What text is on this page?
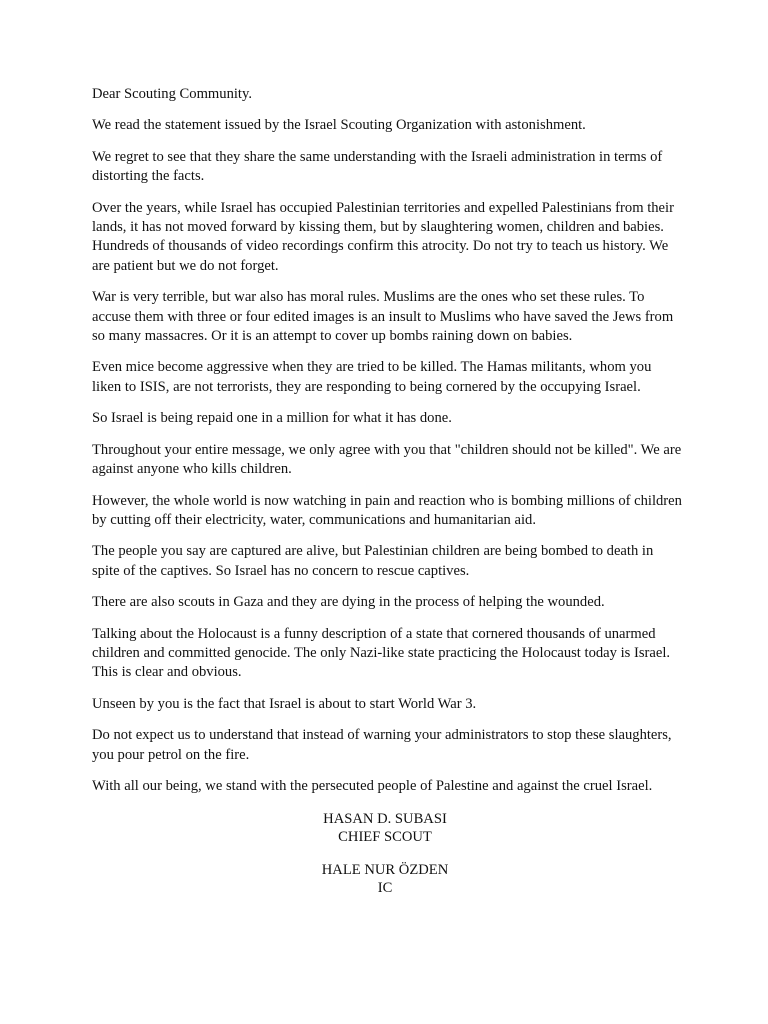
Dear Scouting Community.

We read the statement issued by the Israel Scouting Organization with astonishment.

We regret to see that they share the same understanding with the Israeli administration in terms of distorting the facts.

Over the years, while Israel has occupied Palestinian territories and expelled Palestinians from their lands, it has not moved forward by kissing them, but by slaughtering women, children and babies. Hundreds of thousands of video recordings confirm this atrocity. Do not try to teach us history. We are patient but we do not forget.

War is very terrible, but war also has moral rules. Muslims are the ones who set these rules. To accuse them with three or four edited images is an insult to Muslims who have saved the Jews from so many massacres. Or it is an attempt to cover up bombs raining down on babies.

Even mice become aggressive when they are tried to be killed. The Hamas militants, whom you liken to ISIS, are not terrorists, they are responding to being cornered by the occupying Israel.

So Israel is being repaid one in a million for what it has done.

Throughout your entire message, we only agree with you that "children should not be killed". We are against anyone who kills children.

However, the whole world is now watching in pain and reaction who is bombing millions of children by cutting off their electricity, water, communications and humanitarian aid.

The people you say are captured are alive, but Palestinian children are being bombed to death in spite of the captives. So Israel has no concern to rescue captives.

There are also scouts in Gaza and they are dying in the process of helping the wounded.

Talking about the Holocaust is a funny description of a state that cornered thousands of unarmed children and committed genocide. The only Nazi-like state practicing the Holocaust today is Israel. This is clear and obvious.

Unseen by you is the fact that Israel is about to start World War 3.

Do not expect us to understand that instead of warning your administrators to stop these slaughters, you pour petrol on the fire.

With all our being, we stand with the persecuted people of Palestine and against the cruel Israel.

HASAN D. SUBASI
CHIEF SCOUT
HALE NUR ÖZDEN
IC
